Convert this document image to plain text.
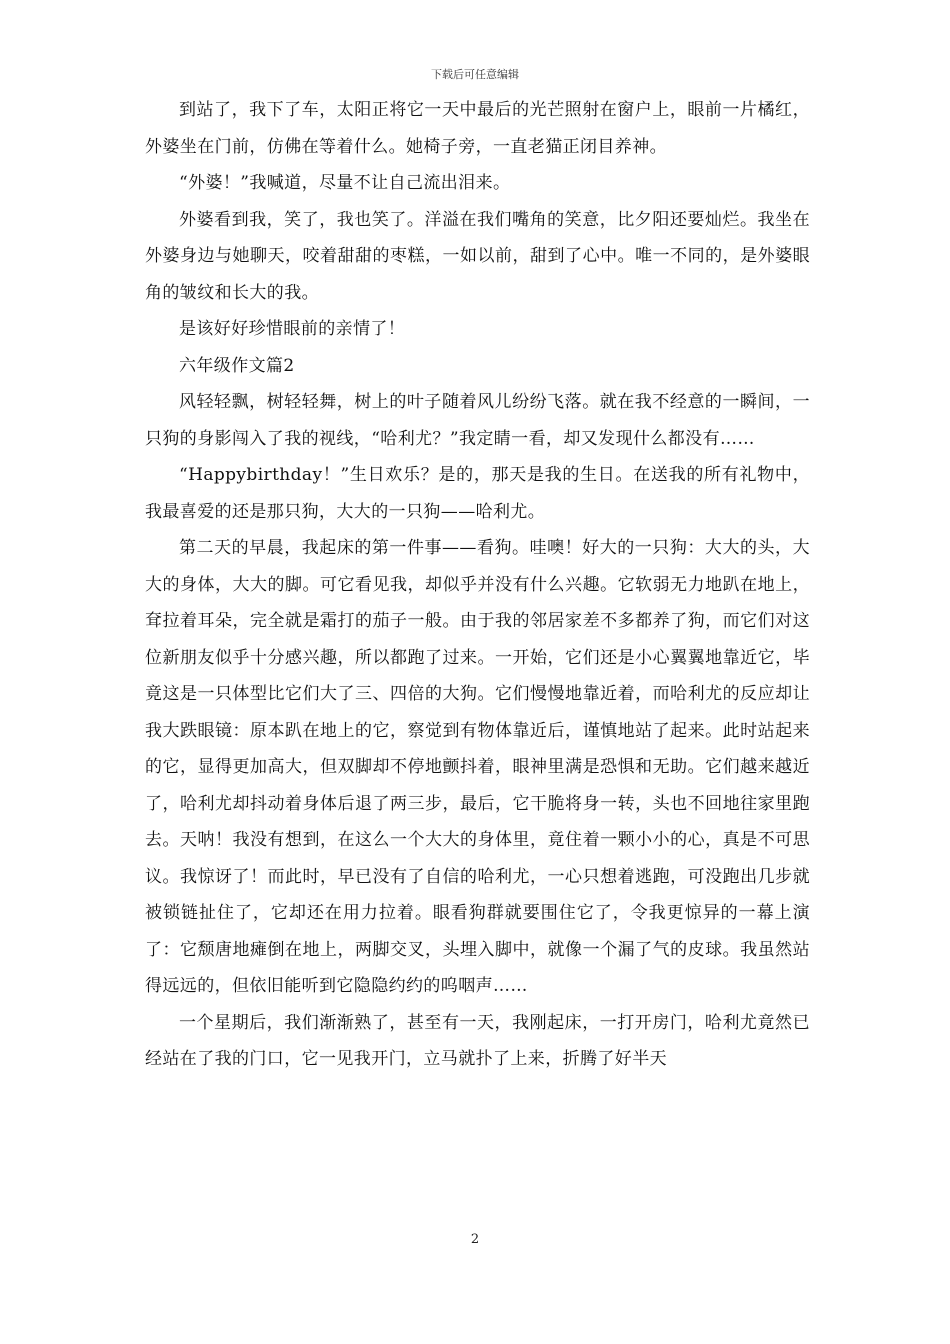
下载后可任意编辑

到站了，我下了车，太阳正将它一天中最后的光芒照射在窗户上，眼前一片橘红，外婆坐在门前，仿佛在等着什么。她椅子旁，一直老猫正闭目养神。

“外婆！”我喊道，尽量不让自己流出泪来。

外婆看到我，笑了，我也笑了。洋溢在我们嘴角的笑意，比夕阳还要灿烂。我坐在外婆身边与她聊天，咬着甜甜的枣糕，一如以前，甜到了心中。唯一不同的，是外婆眼角的皱纹和长大的我。

是该好好珍惜眼前的亲情了！

六年级作文篇2

风轻轻飘，树轻轻舞，树上的叶子随着风儿纷纷飞落。就在我不经意的一瞬间，一只狗的身影闯入了我的视线，“哈利尤？”我定睛一看，却又发现什么都没有……

“Happybirthday！”生日欢乐？是的，那天是我的生日。在送我的所有礼物中，我最喜爱的还是那只狗，大大的一只狗——哈利尤。

第二天的早晨，我起床的第一件事——看狗。哇噢！好大的一只狗：大大的头，大大的身体，大大的脚。可它看见我，却似乎并没有什么兴趣。它软弱无力地趴在地上，耷拉着耳朵，完全就是霜打的茄子一般。由于我的邻居家差不多都养了狗，而它们对这位新朋友似乎十分感兴趣，所以都跑了过来。一开始，它们还是小心翼翼地靠近它，毕竟这是一只体型比它们大了三、四倍的大狗。它们慢慢地靠近着，而哈利尤的反应却让我大跌眼镜：原本趴在地上的它，察觉到有物体靠近后，谨慎地站了起来。此时站起来的它，显得更加高大，但双脚却不停地颤抖着，眼神里满是恐惧和无助。它们越来越近了，哈利尤却抖动着身体后退了两三步，最后，它干脆将身一转，头也不回地往家里跑去。天呐！我没有想到，在这么一个大大的身体里，竟住着一颗小小的心，真是不可思议。我惊讶了！而此时，早已没有了自信的哈利尤，一心只想着逃跑，可没跑出几步就被锁链扯住了，它却还在用力拉着。眼看狗群就要围住它了，令我更惊异的一幕上演了：它颓唐地瘫倒在地上，两脚交叉，头埋入脚中，就像一个漏了气的皮球。我虽然站得远远的，但依旧能听到它隐隐约约的呜咽声……

一个星期后，我们渐渐熟了，甚至有一天，我刚起床，一打开房门，哈利尤竟然已经站在了我的门口，它一见我开门，立马就扑了上来，折腾了好半天

2
